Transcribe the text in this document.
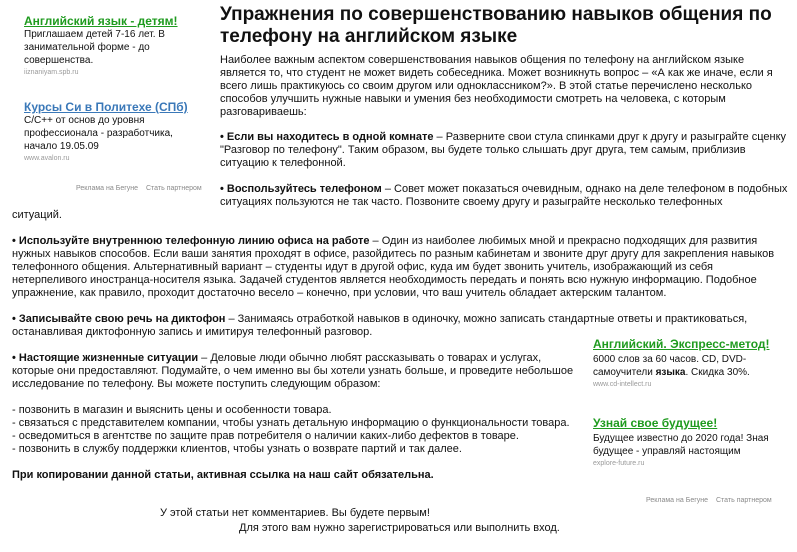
Английский язык - детям!
Приглашаем детей 7-16 лет. В занимательной форме - до совершенства.
iiznaniyam.spb.ru
Курсы Си в Политехе (СПб)
С/С++ от основ до уровня профессионала - разработчика, начало 19.05.09
www.avalon.ru
Реклама на Бегуне Стать партнером
Упражнения по совершенствованию навыков общения по телефону на английском языке

Наиболее важным аспектом совершенствования навыков общения по телефону на английском языке является то, что студент не может видеть собеседника. Может возникнуть вопрос – «А как же иначе, если я всего лишь практикуюсь со своим другом или одноклассником?». В этой статье перечислено несколько способов улучшить нужные навыки и умения без необходимости смотреть на человека, с которым разговариваешь:

• Если вы находитесь в одной комнате – Разверните свои стула спинками друг к другу и разыграйте сценку "Разговор по телефону". Таким образом, вы будете только слышать друг друга, тем самым, приблизив ситуацию к телефонной.

• Воспользуйтесь телефоном – Совет может показаться очевидным, однако на деле телефоном в подобных ситуациях пользуются не так часто. Позвоните своему другу и разыграйте несколько телефонных

ситуаций.

• Используйте внутреннюю телефонную линию офиса на работе – Один из наиболее любимых мной и прекрасно подходящих для развития нужных навыков способов. Если ваши занятия проходят в офисе, разойдитесь по разным кабинетам и звоните друг другу для закрепления навыков телефонного общения. Альтернативный вариант – студенты идут в другой офис, куда им будет звонить учитель, изображающий из себя нетерпеливого иностранца-носителя языка. Задачей студентов является необходимость передать и понять всю нужную информацию. Подобное упражнение, как правило, проходит достаточно весело – конечно, при условии, что ваш учитель обладает актерским талантом.

• Записывайте свою речь на диктофон – Занимаясь отработкой навыков в одиночку, можно записать стандартные ответы и практиковаться, останавливая диктофонную запись и имитируя телефонный разговор.

• Настоящие жизненные ситуации – Деловые люди обычно любят рассказывать о товарах и услугах, которые они предоставляют. Подумайте, о чем именно вы бы хотели узнать больше, и проведите небольшое исследование по телефону. Вы можете поступить следующим образом:

- позвонить в магазин и выяснить цены и особенности товара.
- связаться с представителем компании, чтобы узнать детальную информацию о функциональности товара.
- осведомиться в агентстве по защите прав потребителя о наличии каких-либо дефектов в товаре.
- позвонить в службу поддержки клиентов, чтобы узнать о возврате партий и так далее.

При копировании данной статьи, активная ссылка на наш сайт обязательна.

Английский. Экспресс-метод!
6000 слов за 60 часов. CD, DVD-самоучители языка. Скидка 30%.
www.cd-intellect.ru
Узнай свое будущее!
Будущее известно до 2020 года! Зная будущее - управляй настоящим
explore-future.ru
Реклама на Бегуне Стать партнером
У этой статьи нет комментариев. Вы будете первым!
Для этого вам нужно зарегистрироваться или выполнить вход.
